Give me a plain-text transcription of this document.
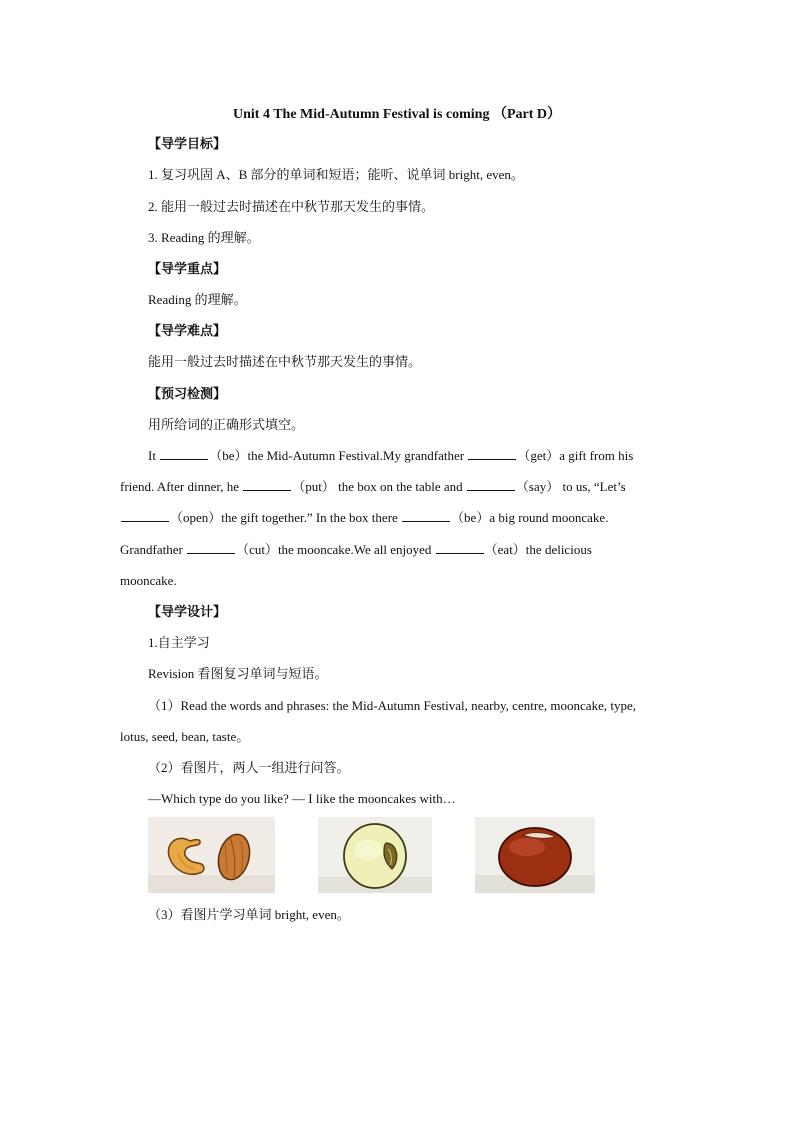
Unit 4 The Mid-Autumn Festival is coming （Part D）
【导学目标】
1. 复习巩固 A、B 部分的单词和短语；能听、说单词 bright, even。
2. 能用一般过去时描述在中秋节那天发生的事情。
3. Reading 的理解。
【导学重点】
Reading 的理解。
【导学难点】
能用一般过去时描述在中秋节那天发生的事情。
【预习检测】
用所给词的正确形式填空。
It	（be）the Mid-Autumn Festival.My grandfather	（get）a gift from his
friend. After dinner, he	（put） the box on the table and	（say） to us, “Let’s
（open）the gift together.” In the box there	（be）a big round mooncake.
Grandfather	（cut）the mooncake.We all enjoyed	（eat）the delicious
mooncake.
【导学设计】
1.自主学习
Revision 看图复习单词与短语。
（1）Read the words and phrases: the Mid-Autumn Festival, nearby, centre, mooncake, type,
lotus, seed, bean, taste。
（2）看图片，两人一组进行问答。
—Which type do you like? — I like the mooncakes with…
（3）看图片学习单词 bright, even。
